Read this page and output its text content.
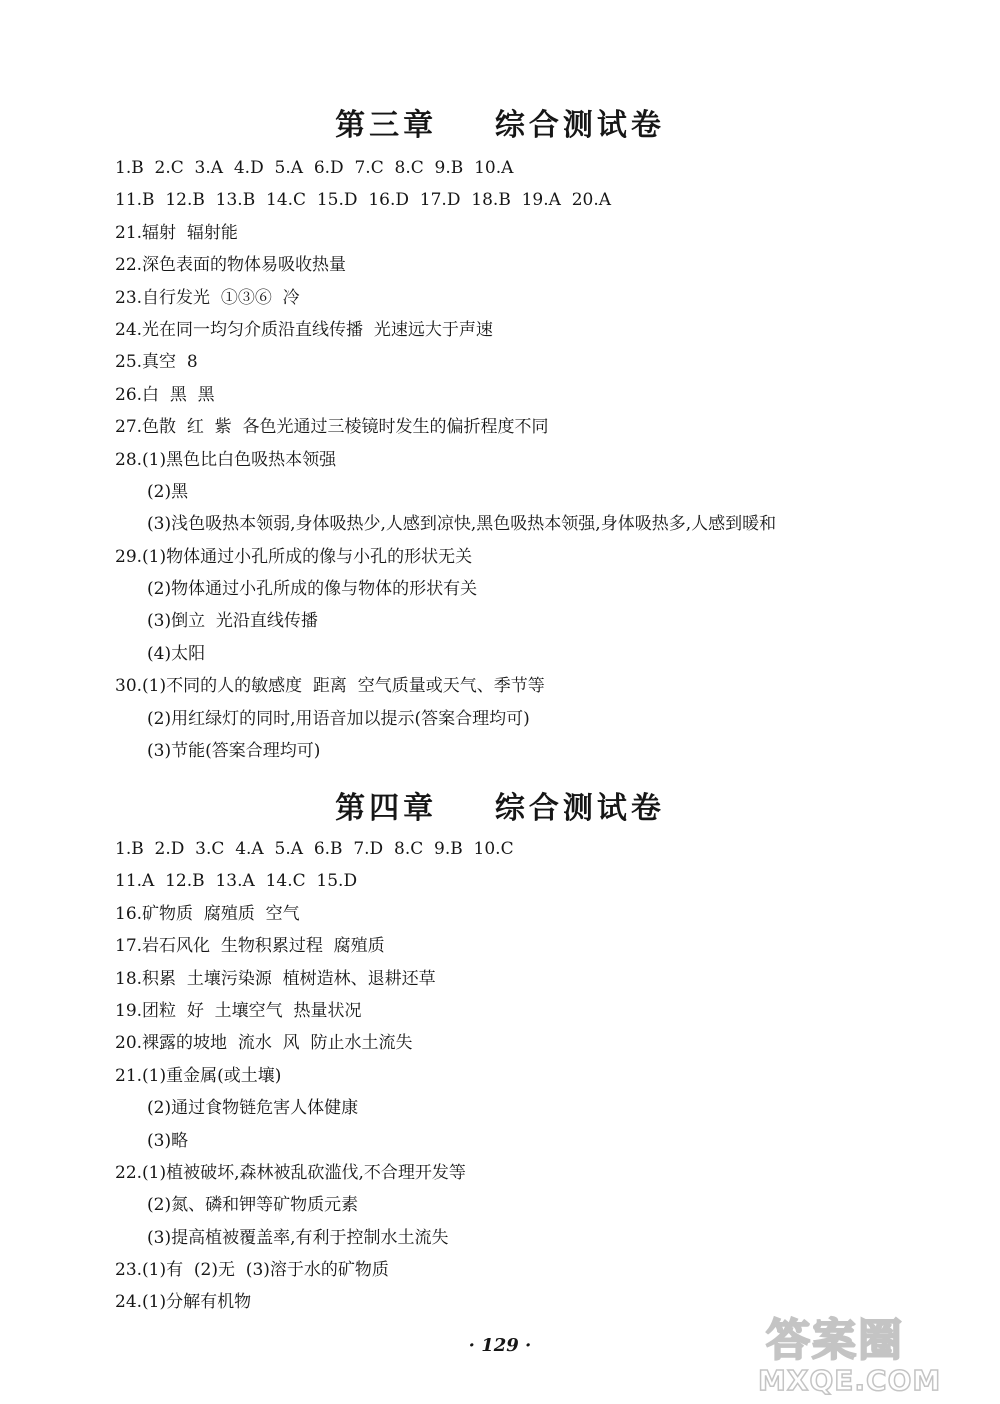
第三章    综合测试卷
1.B  2.C  3.A  4.D  5.A  6.D  7.C  8.C  9.B  10.A
11.B  12.B  13.B  14.C  15.D  16.D  17.D  18.B  19.A  20.A
21.辐射  辐射能
22.深色表面的物体易吸收热量
23.自行发光  ①③⑥  冷
24.光在同一均匀介质沿直线传播  光速远大于声速
25.真空  8
26.白  黑  黑
27.色散  红  紫  各色光通过三棱镜时发生的偏折程度不同
28.(1)黑色比白色吸热本领强
(2)黑
(3)浅色吸热本领弱,身体吸热少,人感到凉快,黑色吸热本领强,身体吸热多,人感到暖和
29.(1)物体通过小孔所成的像与小孔的形状无关
(2)物体通过小孔所成的像与物体的形状有关
(3)倒立  光沿直线传播
(4)太阳
30.(1)不同的人的敏感度  距离  空气质量或天气、季节等
(2)用红绿灯的同时,用语音加以提示(答案合理均可)
(3)节能(答案合理均可)
第四章    综合测试卷
1.B  2.D  3.C  4.A  5.A  6.B  7.D  8.C  9.B  10.C
11.A  12.B  13.A  14.C  15.D
16.矿物质  腐殖质  空气
17.岩石风化  生物积累过程  腐殖质
18.积累  土壤污染源  植树造林、退耕还草
19.团粒  好  土壤空气  热量状况
20.裸露的坡地  流水  风  防止水土流失
21.(1)重金属(或土壤)
(2)通过食物链危害人体健康
(3)略
22.(1)植被破坏,森林被乱砍滥伐,不合理开发等
(2)氮、磷和钾等矿物质元素
(3)提高植被覆盖率,有利于控制水土流失
23.(1)有  (2)无  (3)溶于水的矿物质
24.(1)分解有机物
· 129 ·	答案圈
MXQE.COM
